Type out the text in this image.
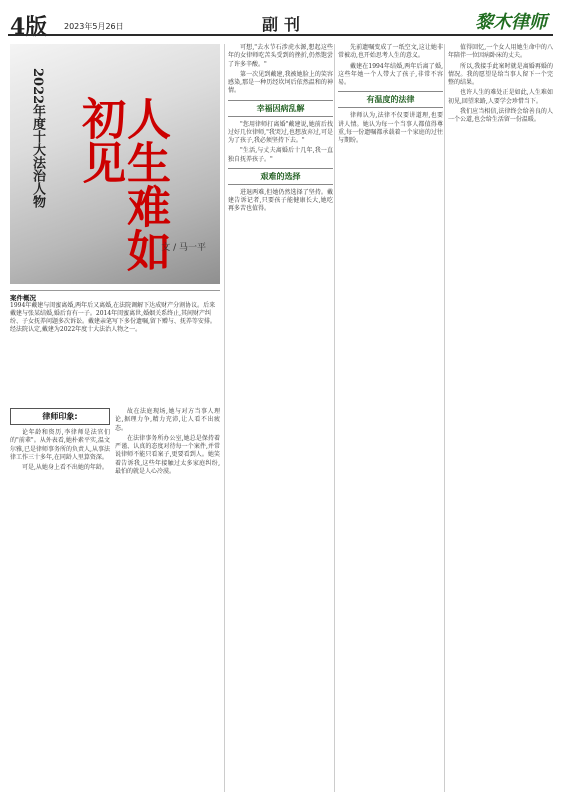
4版 2023年5月26日	副刊	黎木律师
2022年度十大法治人物	人生难如初见
文 / 马一平
案件概况
1994年戴建与闺蜜离婚,两年后又离婚,在法院调解下达成财产分割协议。后来戴建与张某结婚,婚后育有一子。2014年闺蜜离世,婚姻关系终止,其间财产纠纷、子女抚养问题多次诉讼。戴建亲笔写下多份遗嘱,留下赠与、抚养等安排。经法院认定,戴建为2022年度十大法治人物之一。
律师印象:

论年龄和资历,李律师是法官们的"前辈"。从外表看,她朴素平实,温文尔雅,已是律师事务所的负责人,从事法律工作三十多年,在同龄人里算资深。

可是,从她身上看不出她的年龄。

故在法庭现场,她与对方当事人理论,据理力争,精力充沛,让人看不出疲态。

在法律事务所办公室,她总是保持着严谨、认真的态度对待每一个案件,并常说律师不能只看案子,更要看到人。她笑着告诉我,这些年接触过太多家庭纠纷,最怕的就是人心冷漠。

可想,"去水节石涉虎水源,想起这些年的女律师吃苦头受到的挫折,仍然饱尝了许多辛酸。"

第一次见到戴建,我被她脸上的笑容感染,那是一种历经坎坷后依然温和的神情。

幸福因病乱解

"您用律师打离婚"戴建说,她前后找过好几位律师,"我哭过,也想放弃过,可是为了孩子,我必须坚持下去。"

"生活,与丈夫离婚后十几年,我一直独自抚养孩子。"

艰难的选择

进退两难,但她仍然选择了坚持。戴建告诉记者,只要孩子能健康长大,她吃再多苦也值得。

先前遗嘱变成了一纸空文,这让她非常被动,也开始思考人生的意义。

戴建在1994年结婚,两年后离了婚,这些年她一个人带大了孩子,非常不容易。

有温度的法律

律师认为,法律不仅要讲道理,也要讲人情。她认为每一个当事人都值得尊重,每一份遗嘱都承载着一个家庭的过往与期盼。

值得回忆,一个女人用她生命中的八年陪伴一位因病卧床的丈夫。

所以,我接手此案时就是离婚再婚的情况。我的愿望是给当事人留下一个完整的结果。

也许人生的难处正是如此,人生难如初见,回望来路,人要学会珍惜当下。

我们应当相信,法律终会给善良的人一个公道,也会给生活留一份温暖。
